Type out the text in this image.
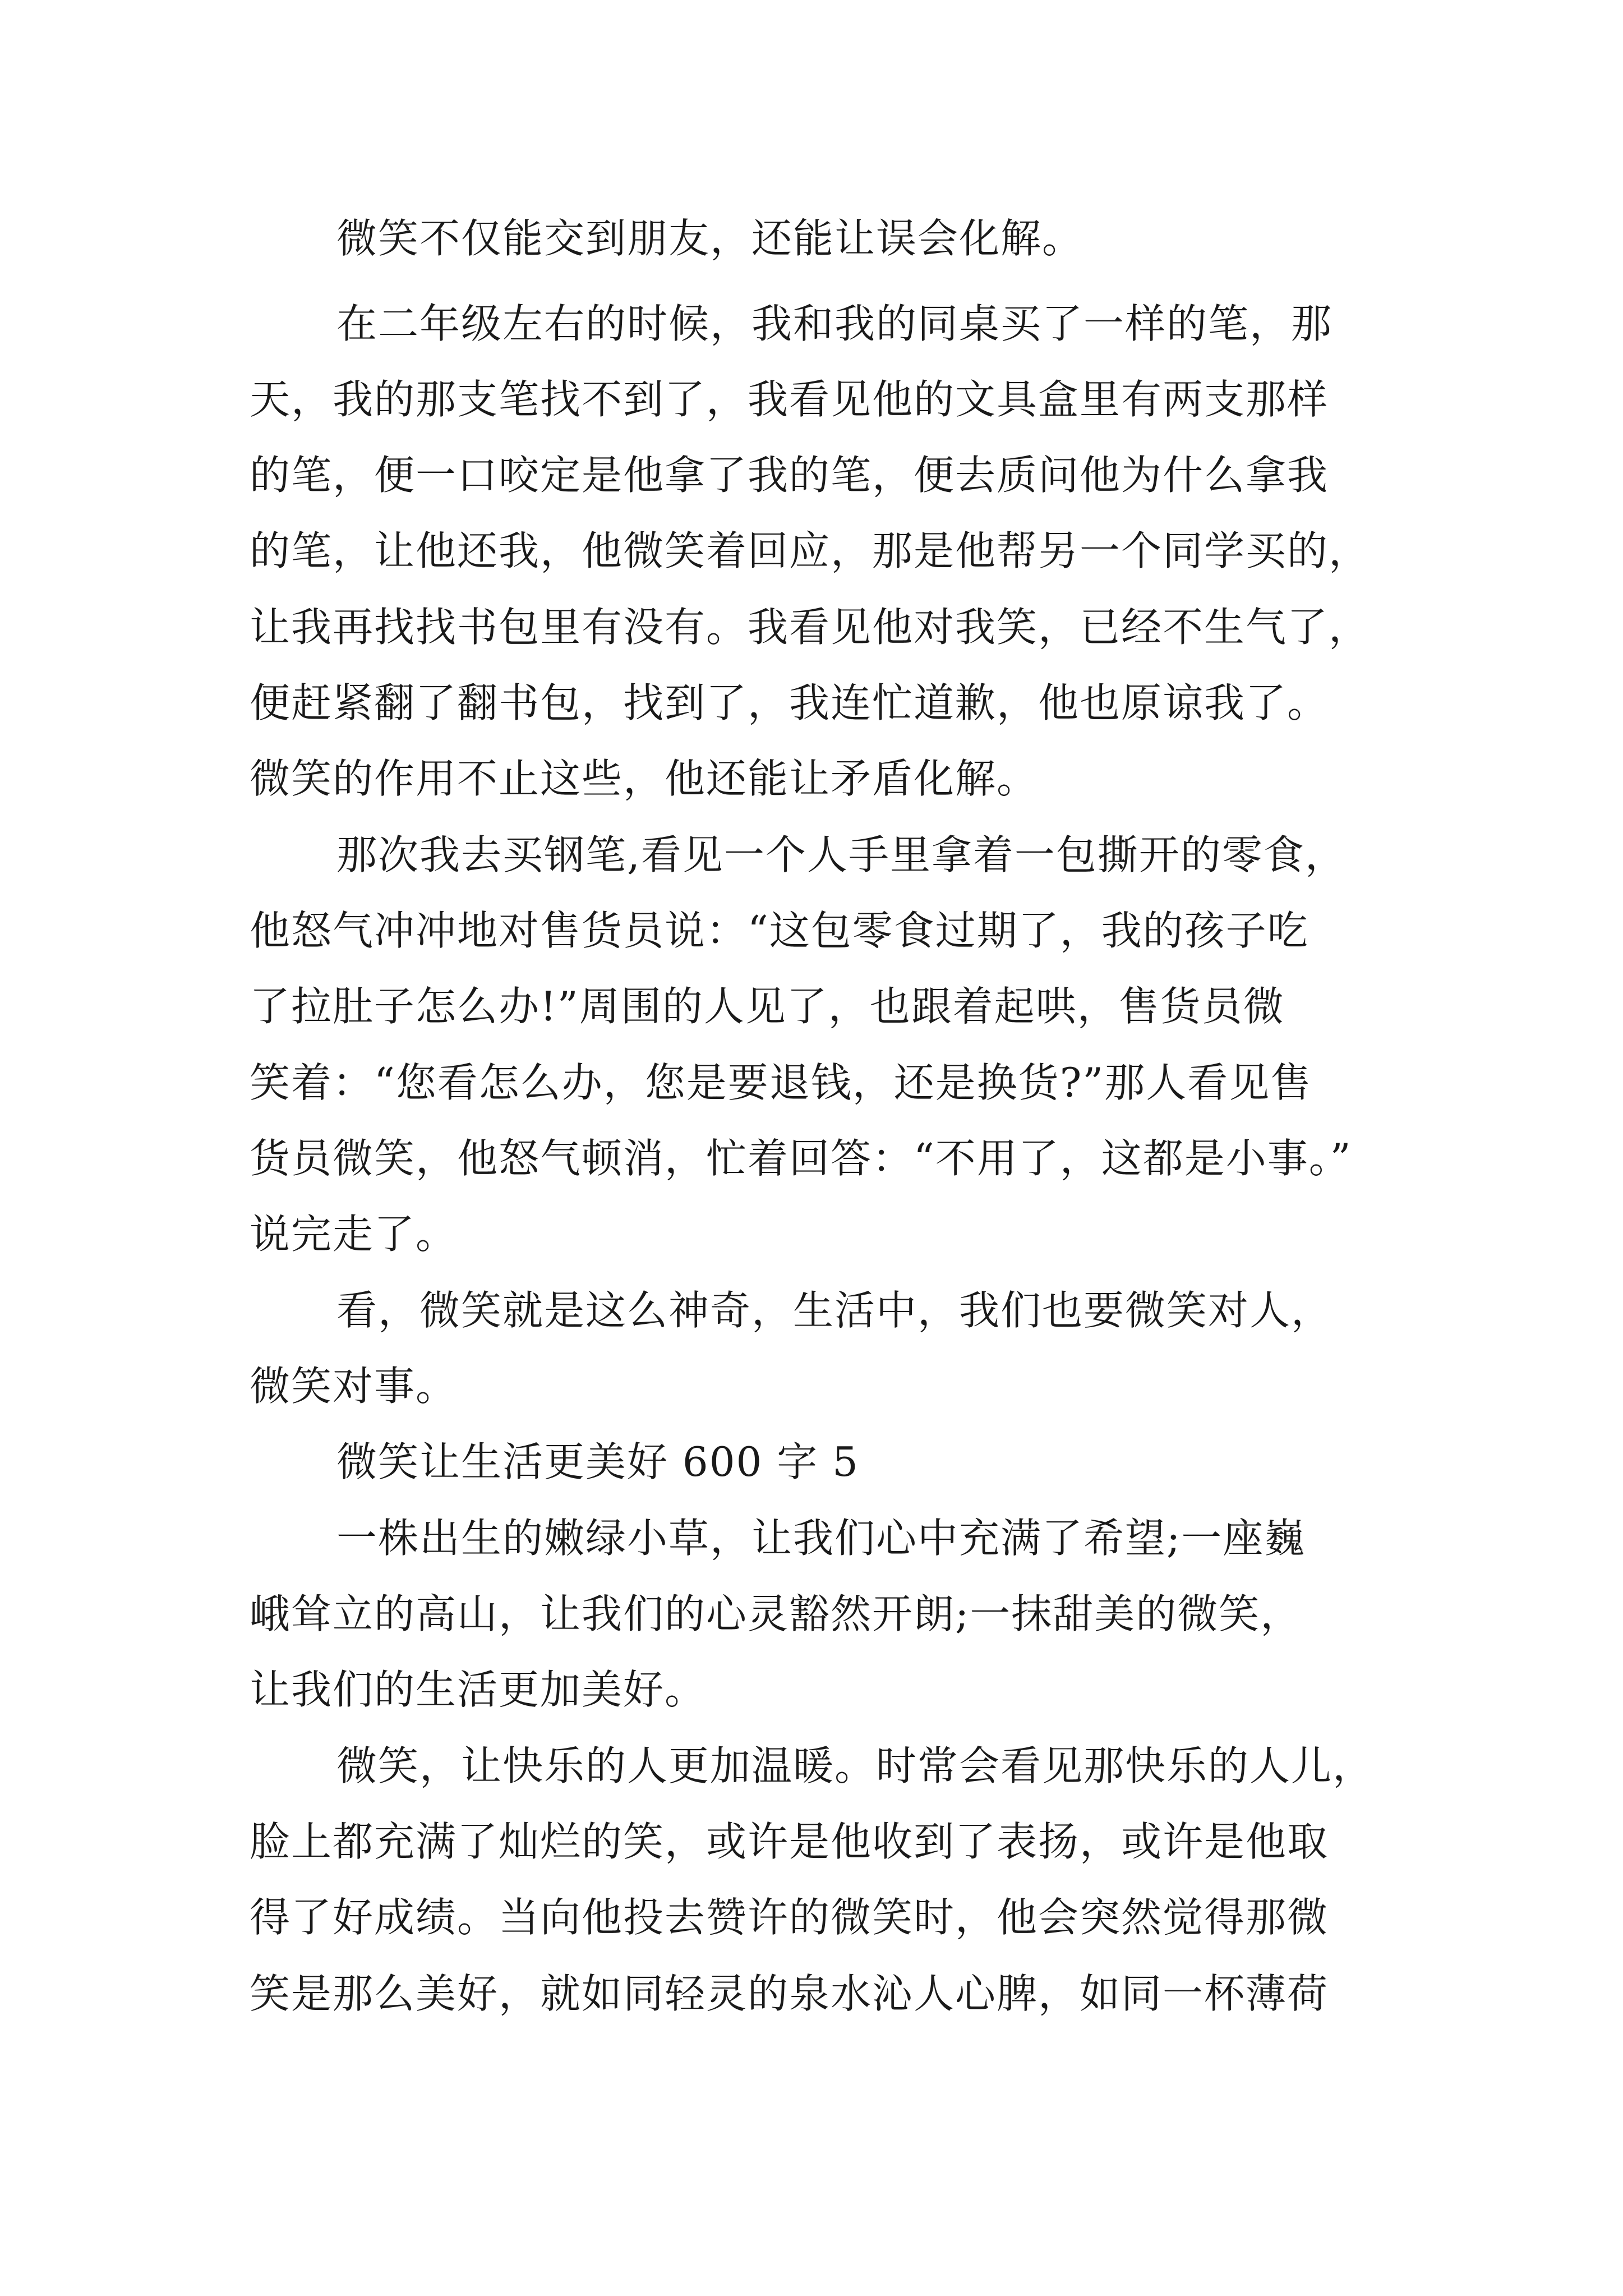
微笑不仅能交到朋友，还能让误会化解。

在二年级左右的时候，我和我的同桌买了一样的笔，那

天，我的那支笔找不到了，我看见他的文具盒里有两支那样

的笔，便一口咬定是他拿了我的笔，便去质问他为什么拿我

的笔，让他还我，他微笑着回应，那是他帮另一个同学买的，

让我再找找书包里有没有。我看见他对我笑，已经不生气了，

便赶紧翻了翻书包，找到了，我连忙道歉，他也原谅我了。

微笑的作用不止这些，他还能让矛盾化解。

那次我去买钢笔,看见一个人手里拿着一包撕开的零食，

他怒气冲冲地对售货员说：“这包零食过期了，我的孩子吃

了拉肚子怎么办!”周围的人见了，也跟着起哄，售货员微

笑着：“您看怎么办，您是要退钱，还是换货?”那人看见售

货员微笑，他怒气顿消，忙着回答：“不用了，这都是小事。”

说完走了。

看，微笑就是这么神奇，生活中，我们也要微笑对人，

微笑对事。

微笑让生活更美好 600 字 5

一株出生的嫩绿小草，让我们心中充满了希望;一座巍

峨耸立的高山，让我们的心灵豁然开朗;一抹甜美的微笑，

让我们的生活更加美好。

微笑，让快乐的人更加温暖。时常会看见那快乐的人儿，

脸上都充满了灿烂的笑，或许是他收到了表扬，或许是他取

得了好成绩。当向他投去赞许的微笑时，他会突然觉得那微

笑是那么美好，就如同轻灵的泉水沁人心脾，如同一杯薄荷
